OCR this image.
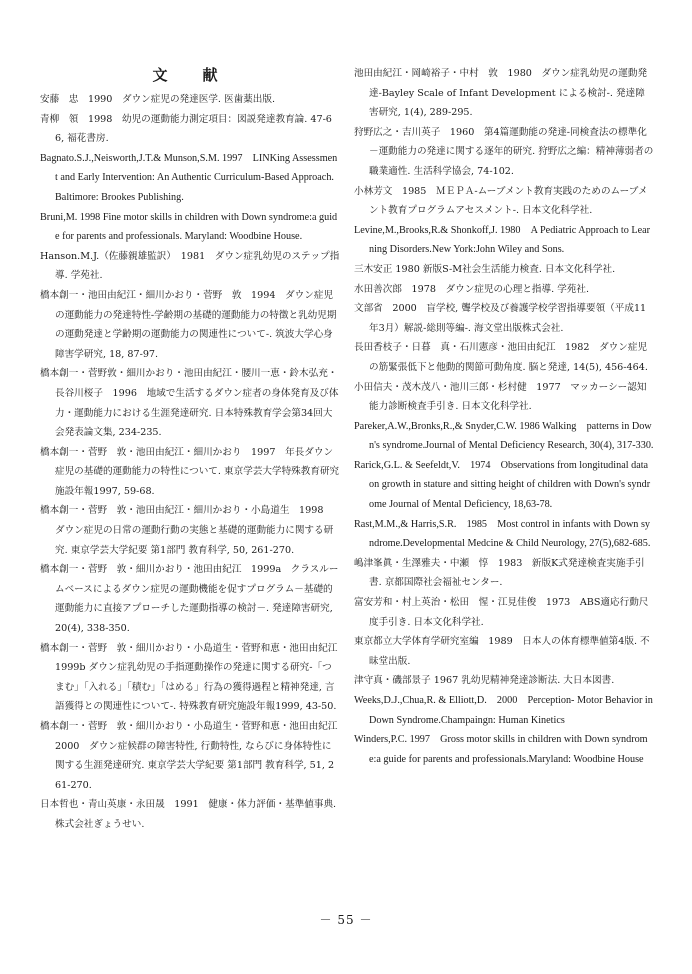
文　献

安藤　忠　1990　ダウン症児の発達医学. 医歯薬出版.

青柳　領　1998　幼児の運動能力測定項目：図説発達教育論. 47-66, 福花書房.

Bagnato.S.J.,Neisworth,J.T.& Munson,S.M. 1997　LINKing Assessment and Early Intervention: An Authentic Curriculum-Based Approach.Baltimore: Brookes Publishing.

Bruni,M. 1998 Fine motor skills in children with Down syndrome:a guide for parents and professionals. Maryland: Woodbine House.

Hanson.M.J.（佐藤親雄監訳）　1981　ダウン症乳幼児のステップ指導. 学苑社.

橋本創一・池田由紀江・細川かおり・菅野　敦　1994　ダウン症児の運動能力の発達特性-学齢期の基礎的運動能力の特徴と乳幼児期の運動発達と学齢期の運動能力の関連性について-. 筑波大学心身障害学研究, 18, 87-97.

橋本創一・菅野敦・細川かおり・池田由紀江・腰川一恵・鈴木弘充・長谷川桜子　1996　地域で生活するダウン症者の身体発育及び体力・運動能力における生涯発達研究. 日本特殊教育学会第34回大会発表論文集, 234-235.

橋本創一・菅野　敦・池田由紀江・細川かおり　1997　年長ダウン症児の基礎的運動能力の特性について. 東京学芸大学特殊教育研究施設年報1997, 59-68.

橋本創一・菅野　敦・池田由紀江・細川かおり・小島道生　1998　ダウン症児の日常の運動行動の実態と基礎的運動能力に関する研究. 東京学芸大学紀要 第1部門 教育科学, 50, 261-270.

橋本創一・菅野　敦・細川かおり・池田由紀江　1999a　クラスルームベースによるダウン症児の運動機能を促すプログラム－基礎的運動能力に直接アプローチした運動指導の検討－. 発達障害研究, 20(4), 338-350.

橋本創一・菅野　敦・細川かおり・小島道生・菅野和恵・池田由紀江　1999b ダウン症乳幼児の手指運動操作の発達に関する研究-「つまむ」「入れる」「積む」「はめる」行為の獲得過程と精神発達, 言語獲得との関連性について-. 特殊教育研究施設年報1999, 43-50.

橋本創一・菅野　敦・細川かおり・小島道生・菅野和恵・池田由紀江　2000　ダウン症候群の障害特性, 行動特性, ならびに身体特性に関する生涯発達研究. 東京学芸大学紀要 第1部門 教育科学, 51, 261-270.

日本哲也・青山英康・永田晟　1991　健康・体力評価・基準値事典. 株式会社ぎょうせい.

池田由紀江・岡崎裕子・中村　敦　1980　ダウン症乳幼児の運動発達-Bayley Scale of Infant Development による検討-. 発達障害研究, 1(4), 289-295.

狩野広之・吉川英子　1960　第4篇運動能の発達-同検査法の標準化－運動能力の発達に関する逐年的研究. 狩野広之編：精神薄弱者の職業適性. 生活科学協会, 74-102.

小林芳文　1985　ＭＥＰＡ-ムーブメント教育実践のためのムーブメント教育プログラムアセスメント-. 日本文化科学社.

Levine,M.,Brooks,R.& Shonkoff,J. 1980　A Pediatric Approach to Learning Disorders.New York:John Wiley and Sons.

三木安正 1980 新版S-M社会生活能力検査. 日本文化科学社.

水田善次郎　1978　ダウン症児の心理と指導. 学苑社.

文部省　2000　盲学校, 聾学校及び養護学校学習指導要領（平成11年3月）解説-総則等編-. 海文堂出版株式会社.

長田香枝子・日暮　真・石川憲彦・池田由紀江　1982　ダウン症児の筋緊張低下と他動的関節可動角度. 脳と発達, 14(5), 456-464.

小田信夫・茂木茂八・池川三郎・杉村健　1977　マッカーシー認知能力診断検査手引き. 日本文化科学社.

Pareker,A.W.,Bronks,R.,& Snyder,C.W. 1986 Walking　patterns in Down's syndrome.Journal of Mental Deficiency Research, 30(4), 317-330.

Rarick,G.L. & Seefeldt,V.　1974　Observations from longitudinal data on growth in stature and sitting height of children with Down's syndrome Journal of Mental Deficiency, 18,63-78.

Rast,M.M.,& Harris,S.R.　1985　Most control in infants with Down syndrome.Developmental Medcine & Child Neurology, 27(5),682-685.

嶋津峯眞・生澤雅夫・中瀬　惇　1983　新版K式発達検査実施手引書. 京都国際社会福祉センター.

富安芳和・村上英治・松田　惺・江見佳俊　1973　ABS適応行動尺度手引き. 日本文化科学社.

東京都立大学体育学研究室編　1989　日本人の体育標準値第4版. 不昧堂出版.

津守真・磯部景子 1967 乳幼児精神発達診断法. 大日本図書.

Weeks,D.J.,Chua,R. & Elliott,D.　2000　Perception- Motor Behavior in Down Syndrome.Champaingn: Human Kinetics

Winders,P.C. 1997　Gross motor skills in children with Down syndrome:a guide for parents and professionals.Maryland: Woodbine House

－ 55 －
